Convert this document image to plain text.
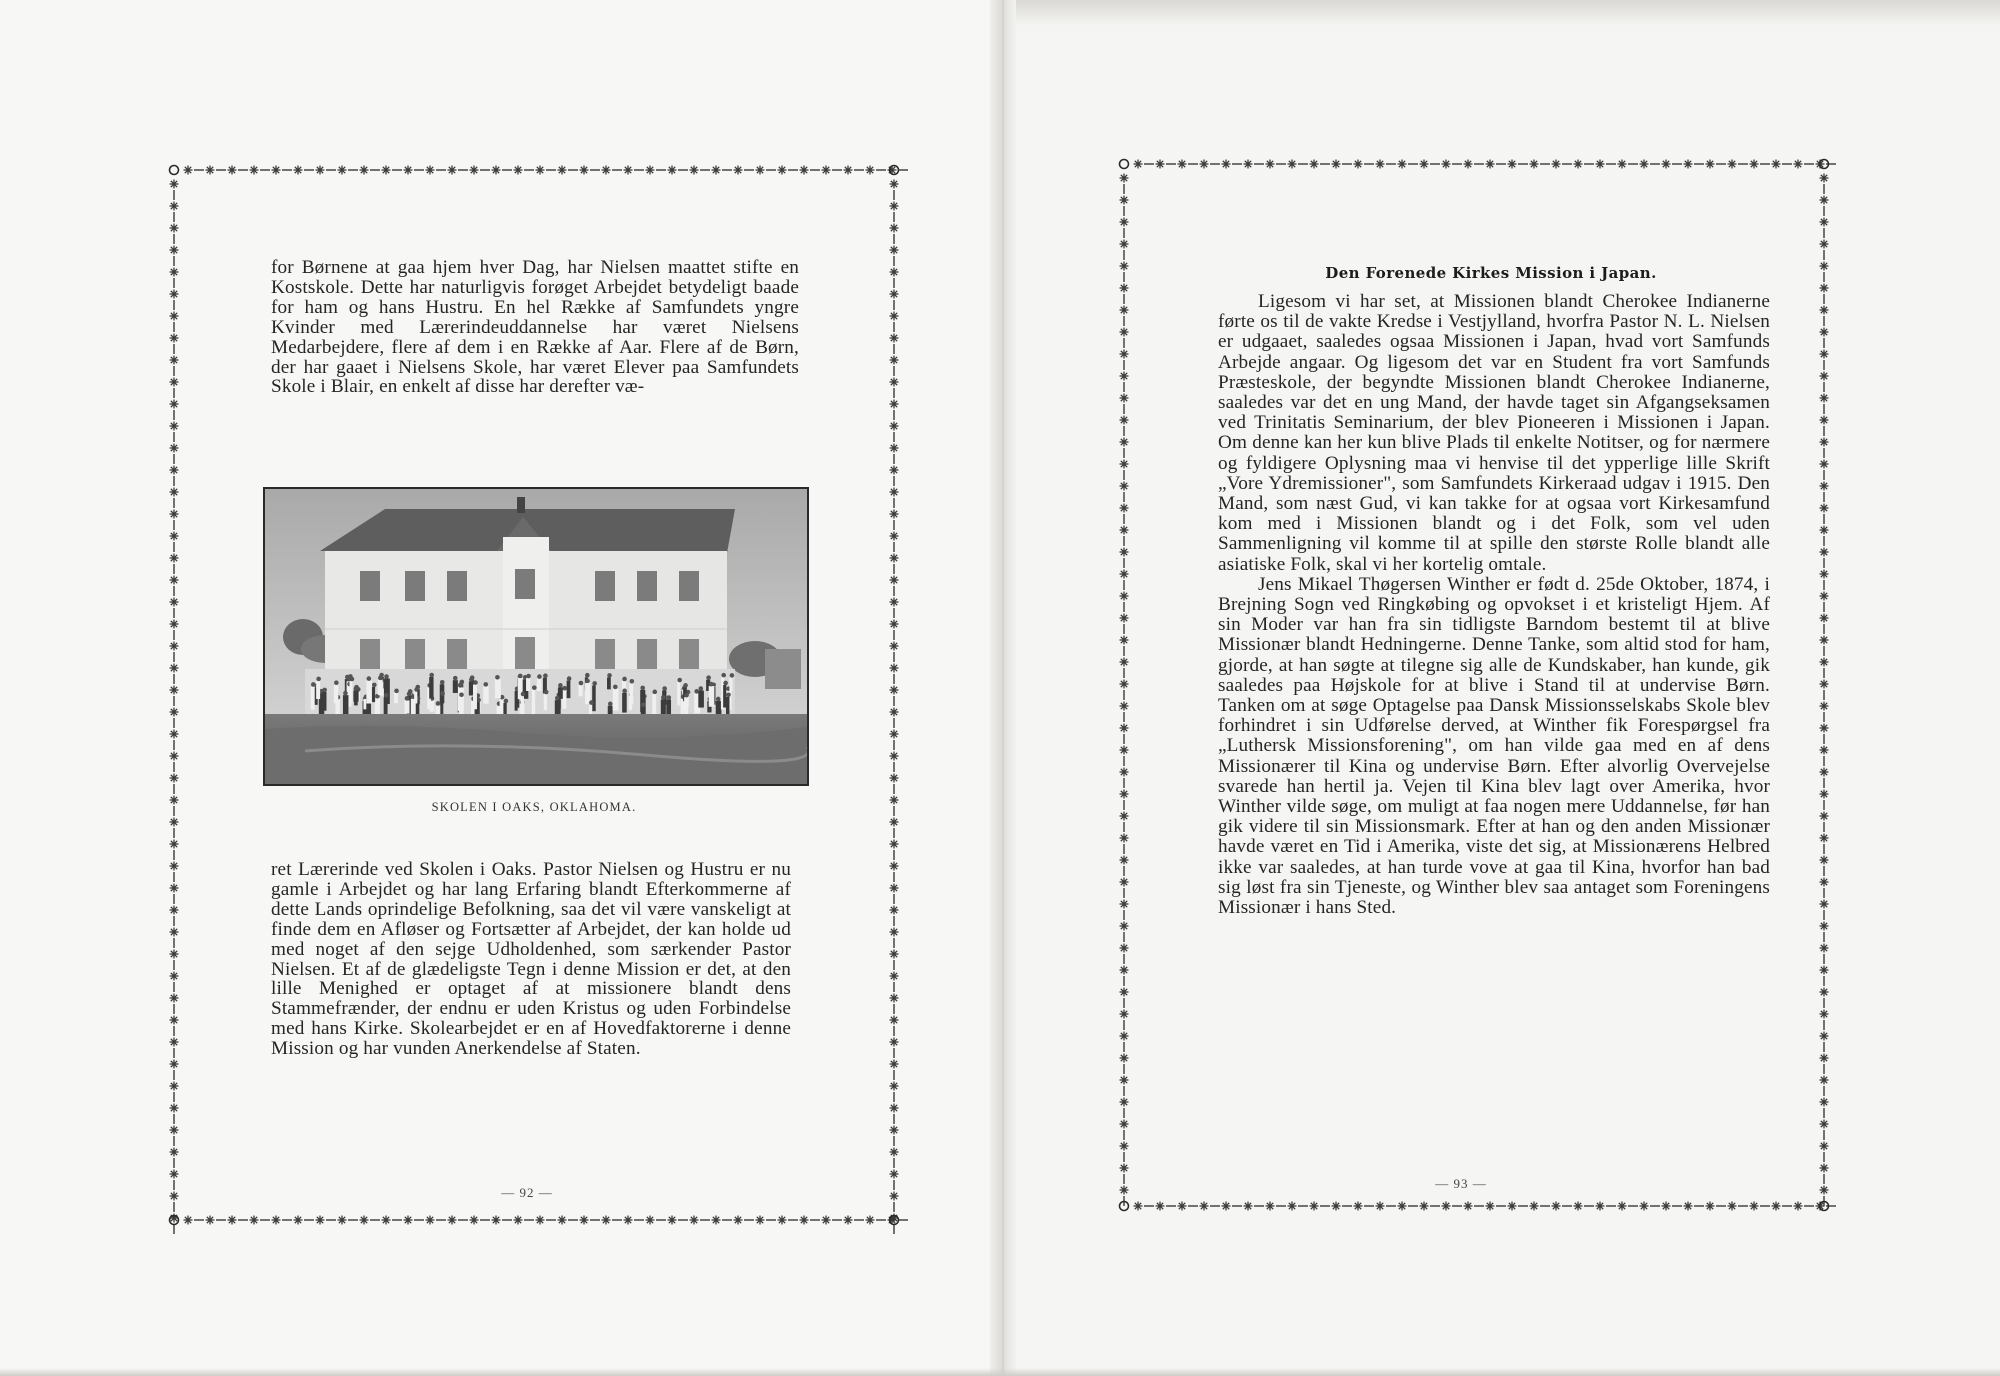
for Børnene at gaa hjem hver Dag, har Nielsen maattet stifte en Kostskole. Dette har naturligvis forøget Arbejdet betydeligt baade for ham og hans Hustru. En hel Række af Samfundets yngre Kvinder med Lærerindeuddannelse har været Nielsens Medarbejdere, flere af dem i en Række af Aar. Flere af de Børn, der har gaaet i Nielsens Skole, har været Elever paa Samfundets Skole i Blair, en enkelt af disse har derefter væ-

SKOLEN I OAKS, OKLAHOMA.

ret Lærerinde ved Skolen i Oaks. Pastor Nielsen og Hustru er nu gamle i Arbejdet og har lang Erfaring blandt Efterkommerne af dette Lands oprindelige Befolkning, saa det vil være vanskeligt at finde dem en Afløser og Fortsætter af Arbejdet, der kan holde ud med noget af den sejge Udholdenhed, som særkender Pastor Nielsen. Et af de glædeligste Tegn i denne Mission er det, at den lille Menighed er optaget af at missionere blandt dens Stammefrænder, der endnu er uden Kristus og uden Forbindelse med hans Kirke. Skolearbejdet er en af Hovedfaktorerne i denne Mission og har vunden Anerkendelse af Staten.

— 92 —
Den Forenede Kirkes Mission i Japan.

Ligesom vi har set, at Missionen blandt Cherokee Indianerne førte os til de vakte Kredse i Vestjylland, hvorfra Pastor N. L. Nielsen er udgaaet, saaledes ogsaa Missionen i Japan, hvad vort Samfunds Arbejde angaar. Og ligesom det var en Student fra vort Samfunds Præsteskole, der begyndte Missionen blandt Cherokee Indianerne, saaledes var det en ung Mand, der havde taget sin Afgangseksamen ved Trinitatis Seminarium, der blev Pioneeren i Missionen i Japan. Om denne kan her kun blive Plads til enkelte Notitser, og for nærmere og fyldigere Oplysning maa vi henvise til det ypperlige lille Skrift „Vore Ydremissioner", som Samfundets Kirkeraad udgav i 1915. Den Mand, som næst Gud, vi kan takke for at ogsaa vort Kirkesamfund kom med i Missionen blandt og i det Folk, som vel uden Sammenligning vil komme til at spille den største Rolle blandt alle asiatiske Folk, skal vi her kortelig omtale.

Jens Mikael Thøgersen Winther er født d. 25de Oktober, 1874, i Brejning Sogn ved Ringkøbing og opvokset i et kristeligt Hjem. Af sin Moder var han fra sin tidligste Barndom bestemt til at blive Missionær blandt Hedningerne. Denne Tanke, som altid stod for ham, gjorde, at han søgte at tilegne sig alle de Kundskaber, han kunde, gik saaledes paa Højskole for at blive i Stand til at undervise Børn. Tanken om at søge Optagelse paa Dansk Missionsselskabs Skole blev forhindret i sin Udførelse derved, at Winther fik Forespørgsel fra „Luthersk Missionsforening", om han vilde gaa med en af dens Missionærer til Kina og undervise Børn. Efter alvorlig Overvejelse svarede han hertil ja. Vejen til Kina blev lagt over Amerika, hvor Winther vilde søge, om muligt at faa nogen mere Uddannelse, før han gik videre til sin Missionsmark. Efter at han og den anden Missionær havde været en Tid i Amerika, viste det sig, at Missionærens Helbred ikke var saaledes, at han turde vove at gaa til Kina, hvorfor han bad sig løst fra sin Tjeneste, og Winther blev saa antaget som Foreningens Missionær i hans Sted.

— 93 —
